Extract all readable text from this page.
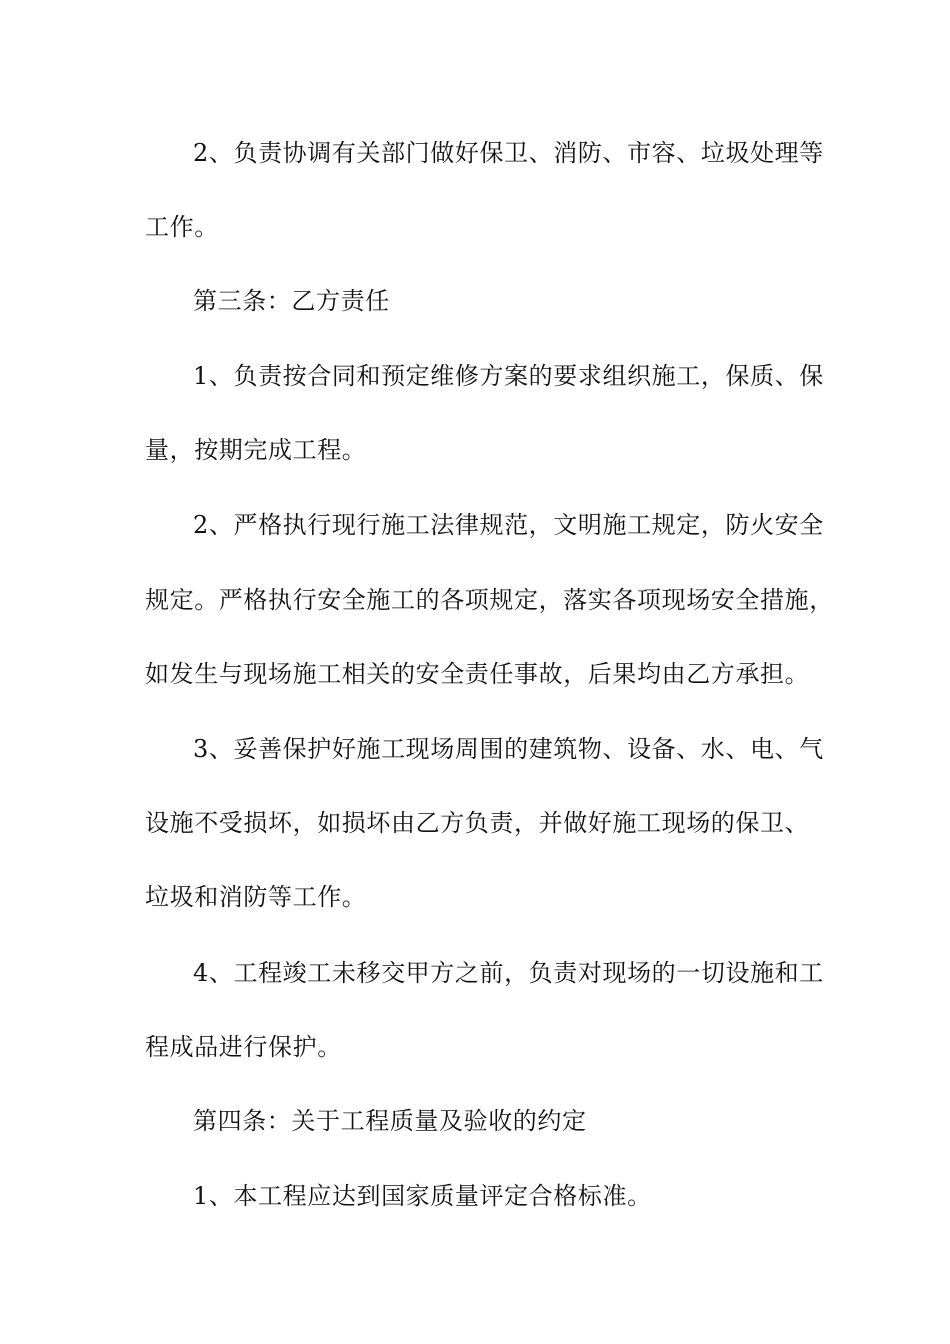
2、负责协调有关部门做好保卫、消防、市容、垃圾处理等
工作。
第三条：乙方责任
1、负责按合同和预定维修方案的要求组织施工，保质、保
量，按期完成工程。
2、严格执行现行施工法律规范，文明施工规定，防火安全
规定。严格执行安全施工的各项规定，落实各项现场安全措施，
如发生与现场施工相关的安全责任事故，后果均由乙方承担。
3、妥善保护好施工现场周围的建筑物、设备、水、电、气
设施不受损坏，如损坏由乙方负责，并做好施工现场的保卫、
垃圾和消防等工作。
4、工程竣工未移交甲方之前，负责对现场的一切设施和工
程成品进行保护。
第四条：关于工程质量及验收的约定
1、本工程应达到国家质量评定合格标准。
